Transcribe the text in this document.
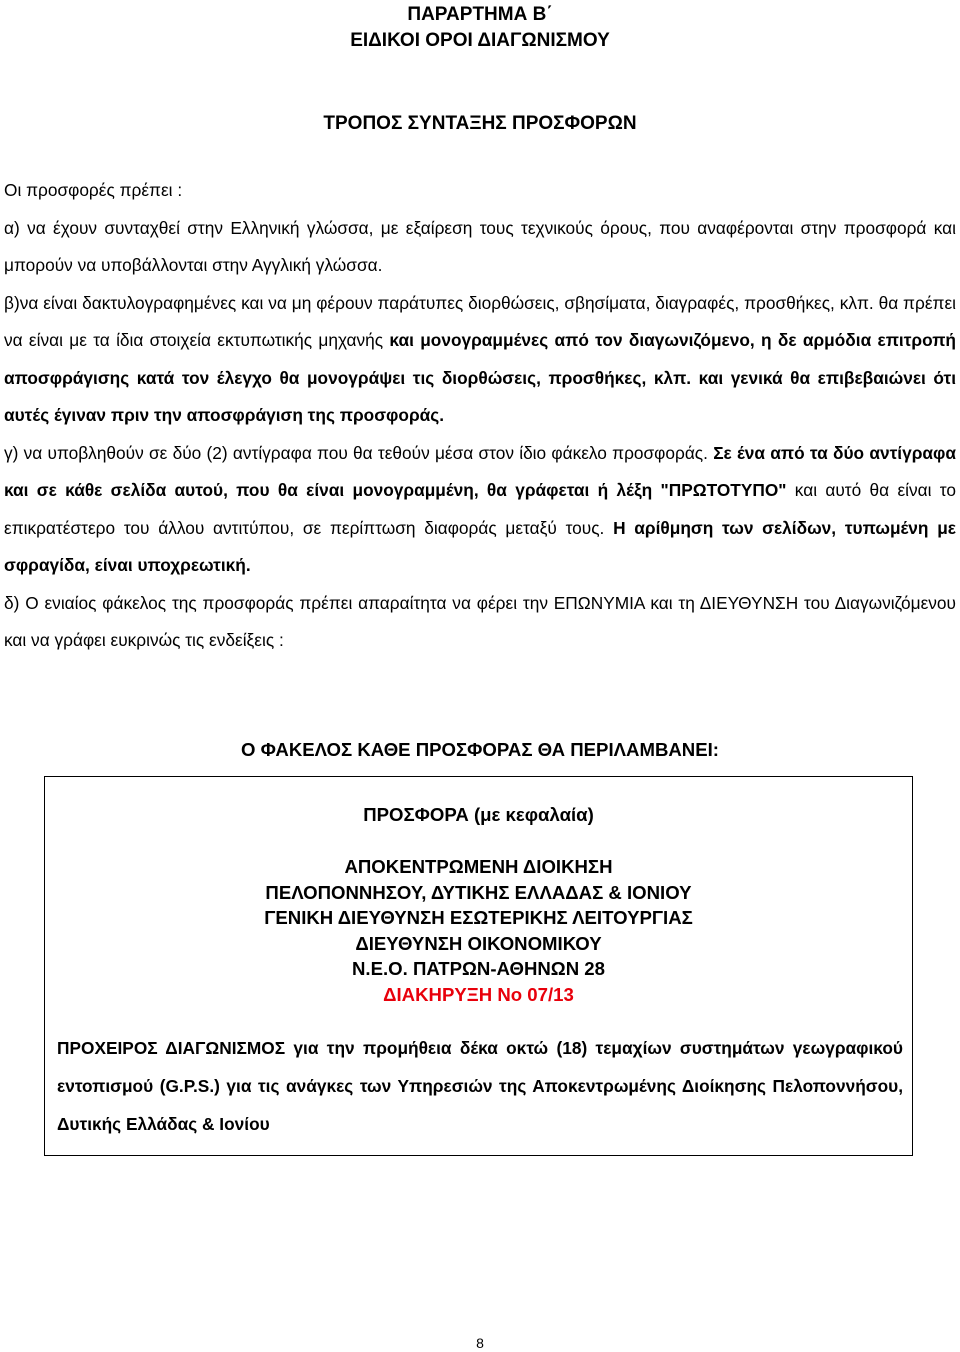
ΠΑΡΑΡΤΗΜΑ Β΄
ΕΙΔΙΚΟΙ ΟΡΟΙ ΔΙΑΓΩΝΙΣΜΟΥ
ΤΡΟΠΟΣ ΣΥΝΤΑΞΗΣ ΠΡΟΣΦΟΡΩΝ

Οι προσφορές πρέπει :

α) να έχουν συνταχθεί στην Ελληνική γλώσσα, με εξαίρεση τους τεχνικούς όρους, που αναφέρονται στην προσφορά και μπορούν να υποβάλλονται στην Αγγλική γλώσσα.

β)να είναι δακτυλογραφημένες και να μη φέρουν παράτυπες διορθώσεις, σβησίματα, διαγραφές, προσθήκες, κλπ. θα πρέπει να είναι με τα ίδια στοιχεία εκτυπωτικής μηχανής και μονογραμμένες από τον διαγωνιζόμενο, η δε αρμόδια επιτροπή αποσφράγισης κατά τον έλεγχο θα μονογράψει τις διορθώσεις, προσθήκες, κλπ. και γενικά θα επιβεβαιώνει ότι αυτές έγιναν πριν την αποσφράγιση της προσφοράς.

γ) να υποβληθούν σε δύο (2) αντίγραφα που θα τεθούν μέσα στον ίδιο φάκελο προσφοράς. Σε ένα από τα δύο αντίγραφα και σε κάθε σελίδα αυτού, που θα είναι μονογραμμένη, θα γράφεται ή λέξη "ΠΡΩΤΟΤΥΠΟ" και αυτό θα είναι το επικρατέστερο του άλλου αντιτύπου, σε περίπτωση διαφοράς μεταξύ τους. Η αρίθμηση των σελίδων, τυπωμένη με σφραγίδα, είναι υποχρεωτική.

δ) Ο ενιαίος φάκελος της προσφοράς πρέπει απαραίτητα να φέρει την ΕΠΩΝΥΜΙΑ και τη ΔΙΕΥΘΥΝΣΗ του Διαγωνιζόμενου και να γράφει ευκρινώς τις ενδείξεις :

Ο ΦΑΚΕΛΟΣ ΚΑΘΕ ΠΡΟΣΦΟΡΑΣ ΘΑ ΠΕΡΙΛΑΜΒΑΝΕΙ:
ΠΡΟΣΦΟΡΑ (με κεφαλαία)
ΑΠΟΚΕΝΤΡΩΜΕΝΗ ΔΙΟΙΚΗΣΗ
ΠΕΛΟΠΟΝΝΗΣΟΥ, ΔΥΤΙΚΗΣ ΕΛΛΑΔΑΣ & ΙΟΝΙΟΥ
ΓΕΝΙΚΗ ΔΙΕΥΘΥΝΣΗ ΕΣΩΤΕΡΙΚΗΣ ΛΕΙΤΟΥΡΓΙΑΣ
ΔΙΕΥΘΥΝΣΗ ΟΙΚΟΝΟΜΙΚΟΥ
Ν.Ε.Ο. ΠΑΤΡΩΝ-ΑΘΗΝΩΝ 28
ΔΙΑΚΗΡΥΞΗ Νο 07/13
ΠΡΟΧΕΙΡΟΣ ΔΙΑΓΩΝΙΣΜΟΣ για την προμήθεια δέκα οκτώ (18) τεμαχίων συστημάτων γεωγραφικού εντοπισμού (G.P.S.) για τις ανάγκες των Υπηρεσιών της Αποκεντρωμένης Διοίκησης Πελοποννήσου, Δυτικής Ελλάδας & Ιονίου
8
